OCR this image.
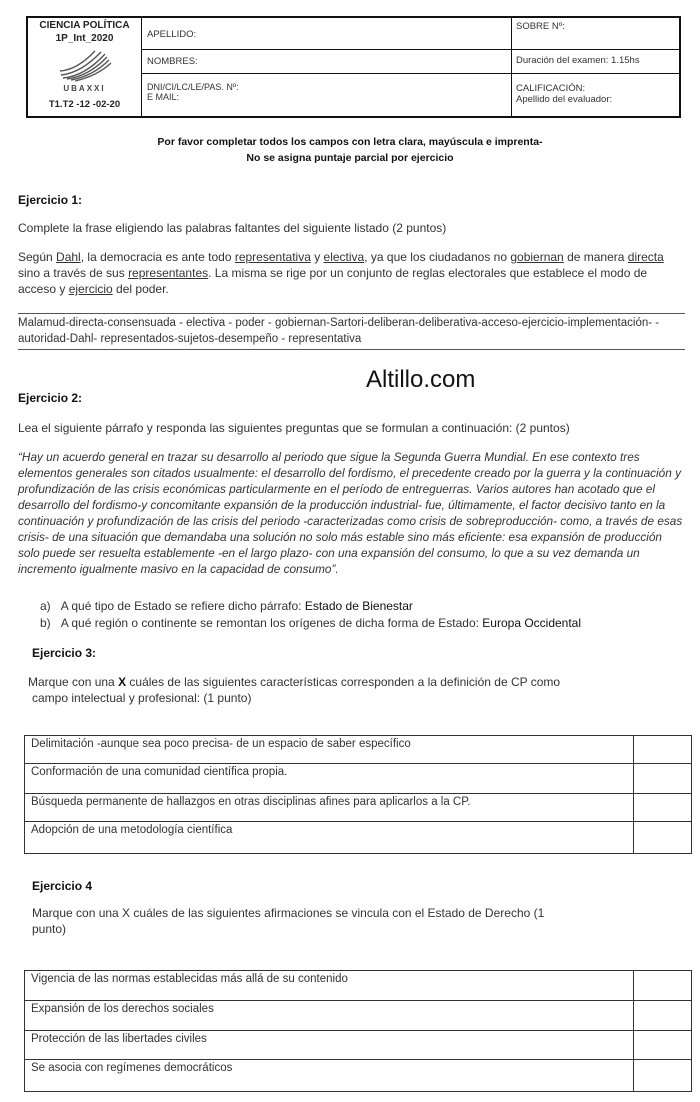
CIENCIA POLÍTICA
1P_Int_2020
UBAXXI
T1.T2 -12 -02-20
APELLIDO:
NOMBRES:
DNI/CI/LC/LE/PAS. Nº:
E MAIL:
SOBRE Nº:
Duración del examen: 1.15hs
CALIFICACIÓN:
Apellido del evaluador:
Por favor completar todos los campos con letra clara, mayúscula e imprenta-
No se asigna puntaje parcial por ejercicio
Ejercicio 1:
Complete la frase eligiendo las palabras faltantes del siguiente listado (2 puntos)
Según Dahl, la democracia es ante todo representativa y electiva, ya que los ciudadanos no gobiernan de manera directa sino a través de sus representantes. La misma se rige por un conjunto de reglas electorales que establece el modo de acceso y ejercicio del poder.
Malamud-directa-consensuada - electiva - poder - gobiernan-Sartori-deliberan-deliberativa-acceso-ejercicio-implementación- -autoridad-Dahl- representados-sujetos-desempeño - representativa
Altillo.com
Ejercicio 2:
Lea el siguiente párrafo y responda las siguientes preguntas que se formulan a continuación: (2 puntos)
“Hay un acuerdo general en trazar su desarrollo al periodo que sigue la Segunda Guerra Mundial. En ese contexto tres elementos generales son citados usualmente: el desarrollo del fordismo, el precedente creado por la guerra y la continuación y profundización de las crisis económicas particularmente en el período de entreguerras. Varios autores han acotado que el desarrollo del fordismo-y concomitante expansión de la producción industrial- fue, últimamente, el factor decisivo tanto en la continuación y profundización de las crisis del periodo -caracterizadas como crisis de sobreproducción- como, a través de esas crisis- de una situación que demandaba una solución no solo más estable sino más eficiente: esa expansión de producción solo puede ser resuelta establemente -en el largo plazo- con una expansión del consumo, lo que a su vez demanda un incremento igualmente masivo en la capacidad de consumo”.
a) A qué tipo de Estado se refiere dicho párrafo: Estado de Bienestar
b) A qué región o continente se remontan los orígenes de dicha forma de Estado: Europa Occidental
Ejercicio 3:
Marque con una X cuáles de las siguientes características corresponden a la definición de CP como
campo intelectual y profesional: (1 punto)
Delimitación -aunque sea poco precisa- de un espacio de saber específico	
Conformación de una comunidad científica propia.	
Búsqueda permanente de hallazgos en otras disciplinas afines para aplicarlos a la CP.	
Adopción de una metodología científica	
Ejercicio 4
Marque con una X cuáles de las siguientes afirmaciones se vincula con el Estado de Derecho (1
punto)
Vigencia de las normas establecidas más allá de su contenido	
Expansión de los derechos sociales	
Protección de las libertades civiles	
Se asocia con regímenes democráticos	
